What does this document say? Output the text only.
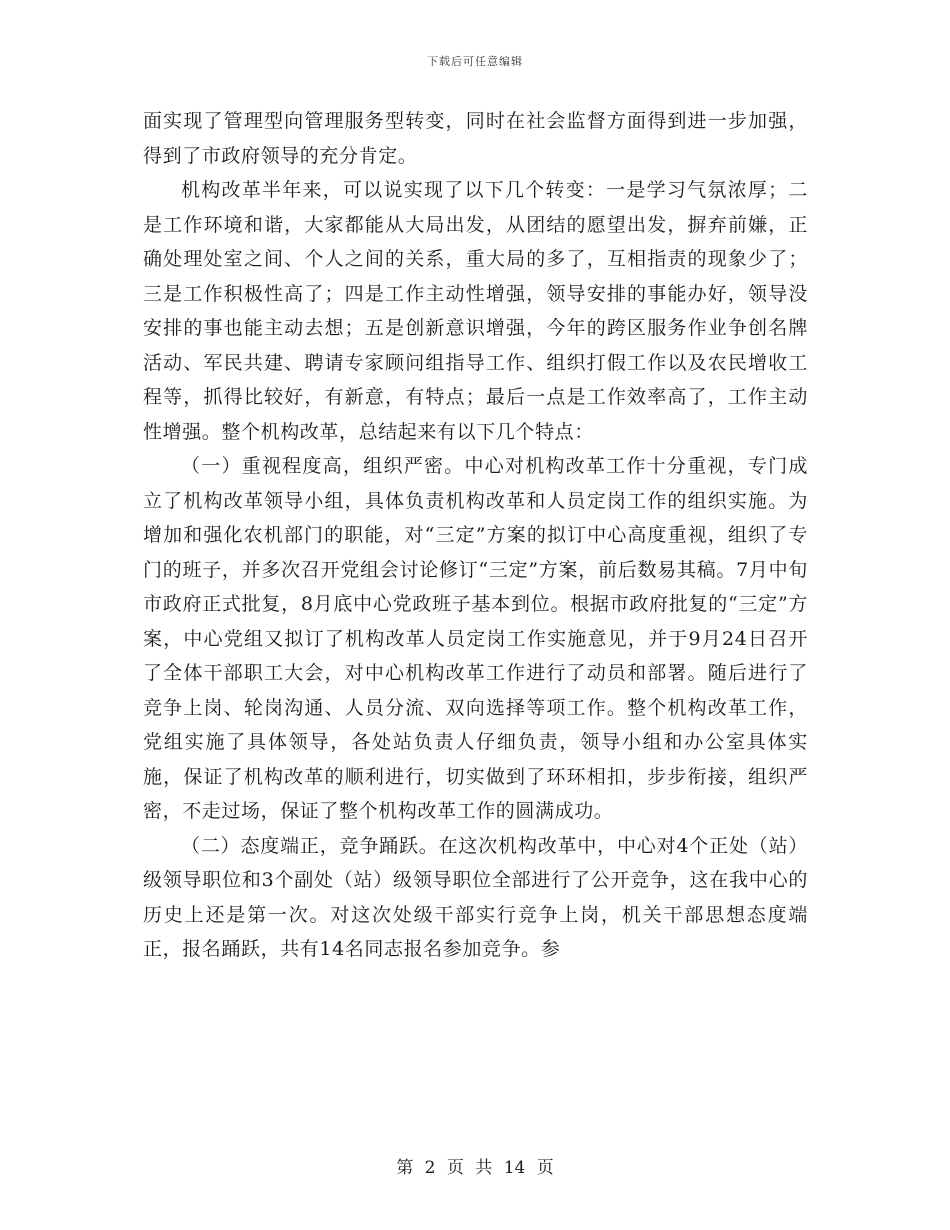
下载后可任意编辑

面实现了管理型向管理服务型转变，同时在社会监督方面得到进一步加强，得到了市政府领导的充分肯定。

机构改革半年来，可以说实现了以下几个转变：一是学习气氛浓厚；二是工作环境和谐，大家都能从大局出发，从团结的愿望出发，摒弃前嫌，正确处理处室之间、个人之间的关系，重大局的多了，互相指责的现象少了；三是工作积极性高了；四是工作主动性增强，领导安排的事能办好，领导没安排的事也能主动去想；五是创新意识增强，今年的跨区服务作业争创名牌活动、军民共建、聘请专家顾问组指导工作、组织打假工作以及农民增收工程等，抓得比较好，有新意，有特点；最后一点是工作效率高了，工作主动性增强。整个机构改革，总结起来有以下几个特点：

（一）重视程度高，组织严密。中心对机构改革工作十分重视，专门成立了机构改革领导小组，具体负责机构改革和人员定岗工作的组织实施。为增加和强化农机部门的职能，对“三定”方案的拟订中心高度重视，组织了专门的班子，并多次召开党组会讨论修订“三定”方案，前后数易其稿。7月中旬市政府正式批复，8月底中心党政班子基本到位。根据市政府批复的“三定”方案，中心党组又拟订了机构改革人员定岗工作实施意见，并于9月24日召开了全体干部职工大会，对中心机构改革工作进行了动员和部署。随后进行了竞争上岗、轮岗沟通、人员分流、双向选择等项工作。整个机构改革工作，党组实施了具体领导，各处站负责人仔细负责，领导小组和办公室具体实施，保证了机构改革的顺利进行，切实做到了环环相扣，步步衔接，组织严密，不走过场，保证了整个机构改革工作的圆满成功。

（二）态度端正，竞争踊跃。在这次机构改革中，中心对4个正处（站）级领导职位和3个副处（站）级领导职位全部进行了公开竞争，这在我中心的历史上还是第一次。对这次处级干部实行竞争上岗，机关干部思想态度端正，报名踊跃，共有14名同志报名参加竞争。参

第 2 页 共 14 页
